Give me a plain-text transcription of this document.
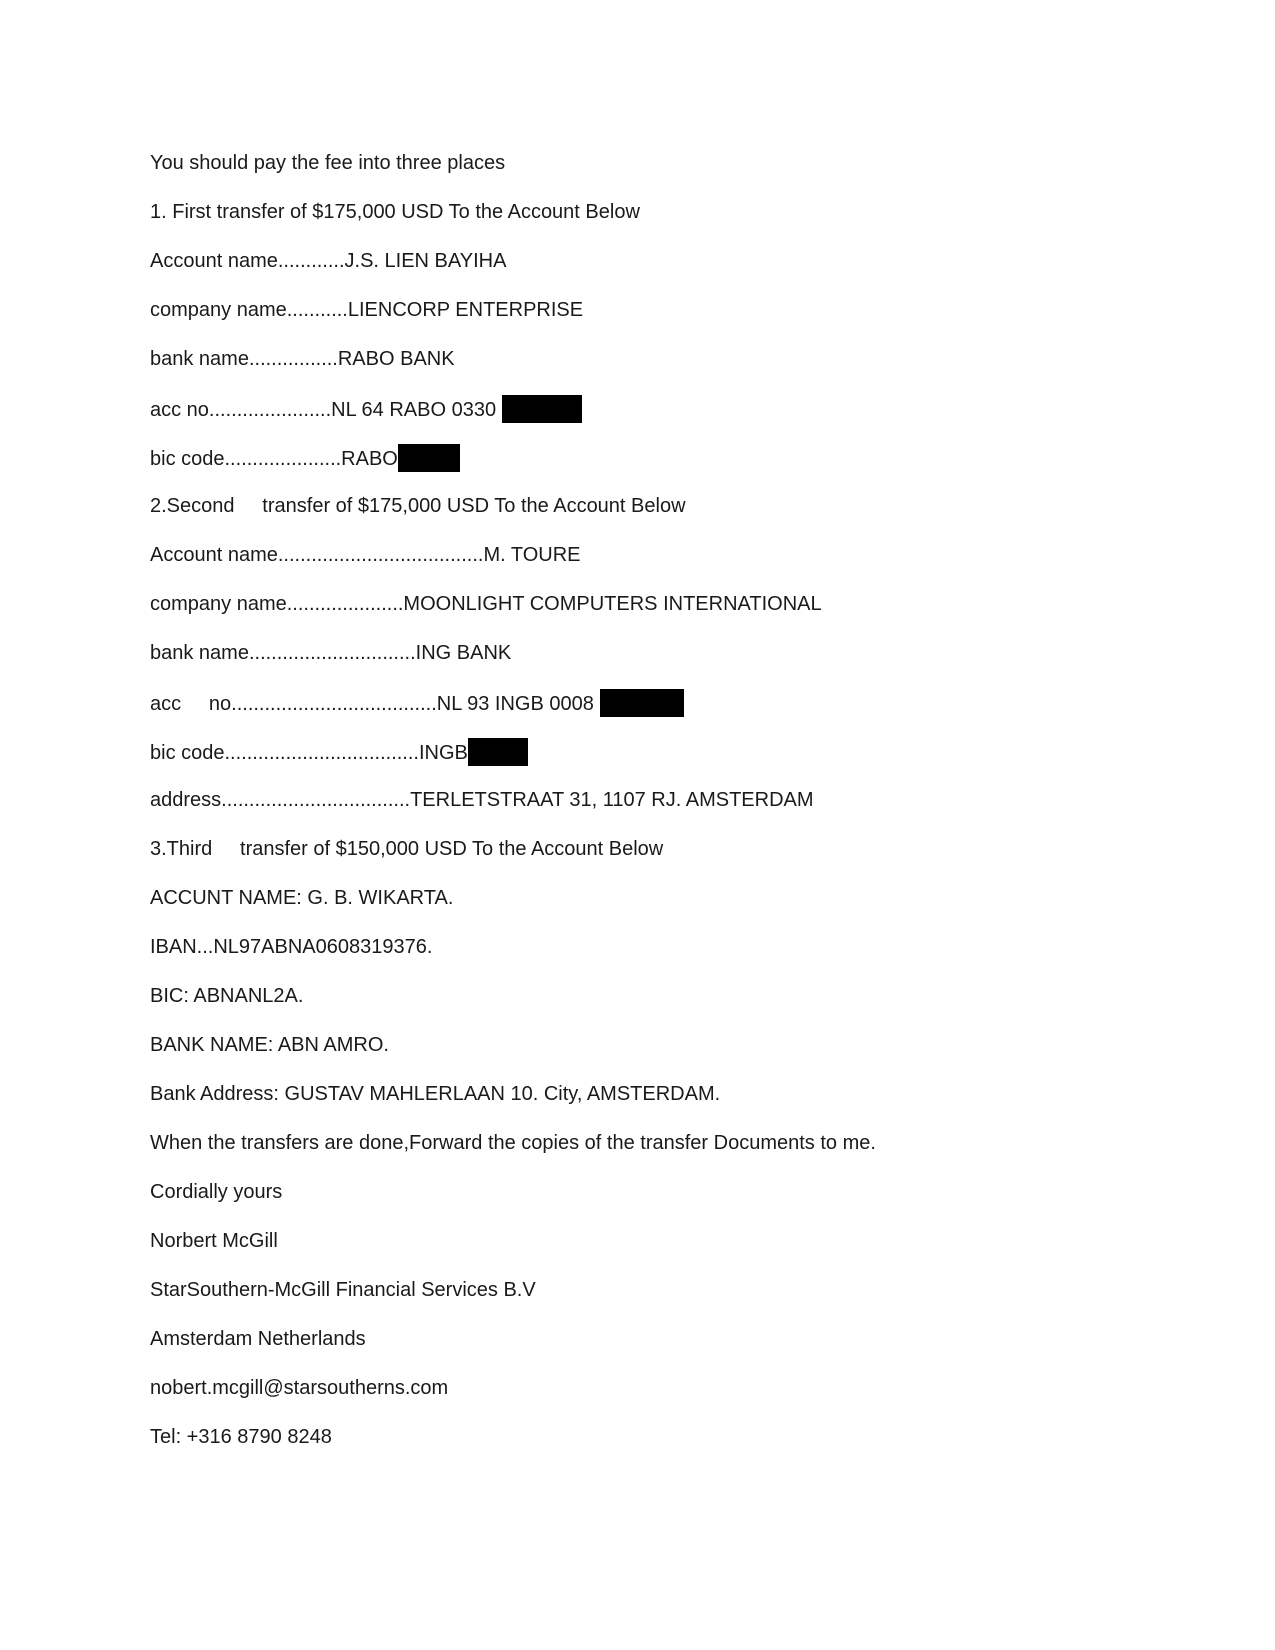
You should pay the fee into three places
1. First transfer of $175,000 USD To the Account Below
Account name............J.S. LIEN BAYIHA
company name...........LIENCORP ENTERPRISE
bank name................RABO BANK
acc no......................NL 64 RABO 0330
bic code.....................RABO
2.Second     transfer of $175,000 USD To the Account Below
Account name.....................................M. TOURE
company name.....................MOONLIGHT COMPUTERS INTERNATIONAL
bank name..............................ING BANK
acc     no.....................................NL 93 INGB 0008
bic code...................................INGB
address..................................TERLETSTRAAT 31, 1107 RJ. AMSTERDAM
3.Third     transfer of $150,000 USD To the Account Below
ACCUNT NAME: G. B. WIKARTA.
IBAN...NL97ABNA0608319376.
BIC: ABNANL2A.
BANK NAME: ABN AMRO.
Bank Address: GUSTAV MAHLERLAAN 10. City, AMSTERDAM.
When the transfers are done,Forward the copies of the transfer Documents to me.
Cordially yours
Norbert McGill
StarSouthern-McGill Financial Services B.V
Amsterdam Netherlands
nobert.mcgill@starsoutherns.com
Tel: +316 8790 8248
